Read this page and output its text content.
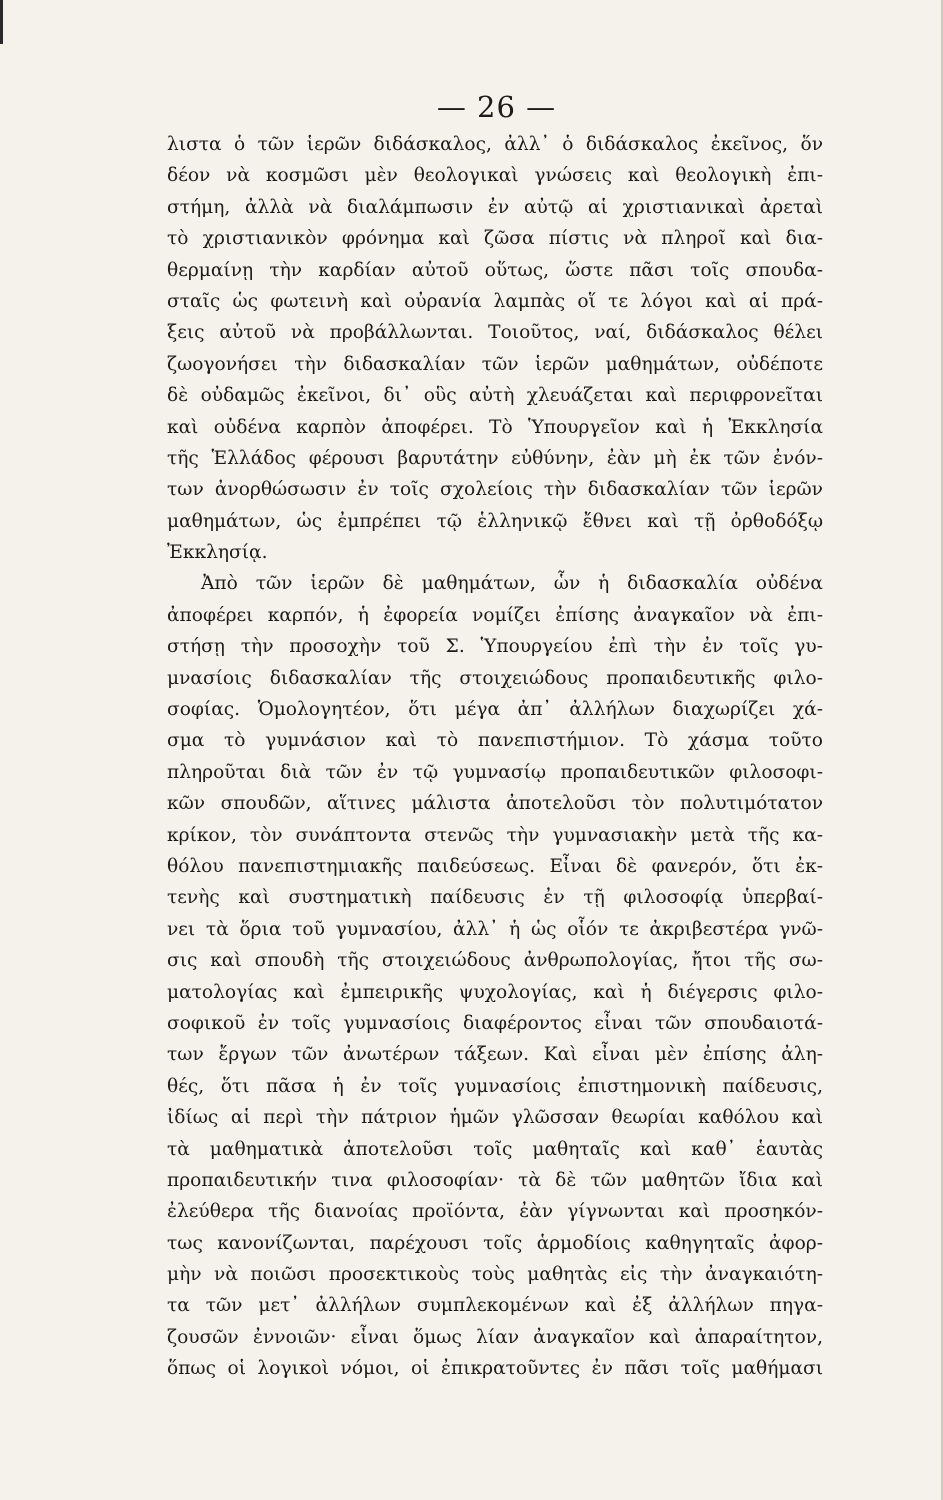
— 26 —
λιστα ὁ τῶν ἱερῶν διδάσκαλος, ἀλλ᾽ ὁ διδάσκαλος ἐκεῖνος, ὅν
δέον νὰ κοσμῶσι μὲν θεολογικαὶ γνώσεις καὶ θεολογικὴ ἐπι-
στήμη, ἀλλὰ νὰ διαλάμπωσιν ἐν αὐτῷ αἱ χριστιανικαὶ ἀρεταὶ
τὸ χριστιανικὸν φρόνημα καὶ ζῶσα πίστις νὰ πληροῖ καὶ δια-
θερμαίνῃ τὴν καρδίαν αὐτοῦ οὕτως, ὥστε πᾶσι τοῖς σπουδα-
σταῖς ὡς φωτεινὴ καὶ οὐρανία λαμπὰς οἵ τε λόγοι καὶ αἱ πρά-
ξεις αὐτοῦ νὰ προβάλλωνται. Τοιοῦτος, ναί, διδάσκαλος θέλει
ζωογονήσει τὴν διδασκαλίαν τῶν ἱερῶν μαθημάτων, οὐδέποτε
δὲ οὐδαμῶς ἐκεῖνοι, δι᾽ οὓς αὐτὴ χλευάζεται καὶ περιφρονεῖται
καὶ οὐδένα καρπὸν ἀποφέρει. Τὸ Ὑπουργεῖον καὶ ἡ Ἐκκλησία
τῆς Ἑλλάδος φέρουσι βαρυτάτην εὐθύνην, ἐὰν μὴ ἐκ τῶν ἐνόν-
των ἀνορθώσωσιν ἐν τοῖς σχολείοις τὴν διδασκαλίαν τῶν ἱερῶν
μαθημάτων, ὡς ἐμπρέπει τῷ ἑλληνικῷ ἔθνει καὶ τῇ ὀρθοδόξῳ
Ἐκκλησίᾳ.
Ἀπὸ τῶν ἱερῶν δὲ μαθημάτων, ὧν ἡ διδασκαλία οὐδένα
ἀποφέρει καρπόν, ἡ ἐφορεία νομίζει ἐπίσης ἀναγκαῖον νὰ ἐπι-
στήσῃ τὴν προσοχὴν τοῦ Σ. Ὑπουργείου ἐπὶ τὴν ἐν τοῖς γυ-
μνασίοις διδασκαλίαν τῆς στοιχειώδους προπαιδευτικῆς φιλο-
σοφίας. Ὁμολογητέον, ὅτι μέγα ἀπ᾽ ἀλλήλων διαχωρίζει χά-
σμα τὸ γυμνάσιον καὶ τὸ πανεπιστήμιον. Τὸ χάσμα τοῦτο
πληροῦται διὰ τῶν ἐν τῷ γυμνασίῳ προπαιδευτικῶν φιλοσοφι-
κῶν σπουδῶν, αἵτινες μάλιστα ἀποτελοῦσι τὸν πολυτιμότατον
κρίκον, τὸν συνάπτοντα στενῶς τὴν γυμνασιακὴν μετὰ τῆς κα-
θόλου πανεπιστημιακῆς παιδεύσεως. Εἶναι δὲ φανερόν, ὅτι ἐκ-
τενὴς καὶ συστηματικὴ παίδευσις ἐν τῇ φιλοσοφίᾳ ὑπερβαί-
νει τὰ ὅρια τοῦ γυμνασίου, ἀλλ᾽ ἡ ὡς οἷόν τε ἀκριβεστέρα γνῶ-
σις καὶ σπουδὴ τῆς στοιχειώδους ἀνθρωπολογίας, ἤτοι τῆς σω-
ματολογίας καὶ ἐμπειρικῆς ψυχολογίας, καὶ ἡ διέγερσις φιλο-
σοφικοῦ ἐν τοῖς γυμνασίοις διαφέροντος εἶναι τῶν σπουδαιοτά-
των ἔργων τῶν ἀνωτέρων τάξεων. Καὶ εἶναι μὲν ἐπίσης ἀλη-
θές, ὅτι πᾶσα ἡ ἐν τοῖς γυμνασίοις ἐπιστημονικὴ παίδευσις,
ἰδίως αἱ περὶ τὴν πάτριον ἡμῶν γλῶσσαν θεωρίαι καθόλου καὶ
τὰ μαθηματικὰ ἀποτελοῦσι τοῖς μαθηταῖς καὶ καθ᾽ ἑαυτὰς
προπαιδευτικήν τινα φιλοσοφίαν· τὰ δὲ τῶν μαθητῶν ἴδια καὶ
ἐλεύθερα τῆς διανοίας προϊόντα, ἐὰν γίγνωνται καὶ προσηκόν-
τως κανονίζωνται, παρέχουσι τοῖς ἁρμοδίοις καθηγηταῖς ἀφορ-
μὴν νὰ ποιῶσι προσεκτικοὺς τοὺς μαθητὰς εἰς τὴν ἀναγκαιότη-
τα τῶν μετ᾽ ἀλλήλων συμπλεκομένων καὶ ἐξ ἀλλήλων πηγα-
ζουσῶν ἐννοιῶν· εἶναι ὅμως λίαν ἀναγκαῖον καὶ ἀπαραίτητον,
ὅπως οἱ λογικοὶ νόμοι, οἱ ἐπικρατοῦντες ἐν πᾶσι τοῖς μαθήμασι
